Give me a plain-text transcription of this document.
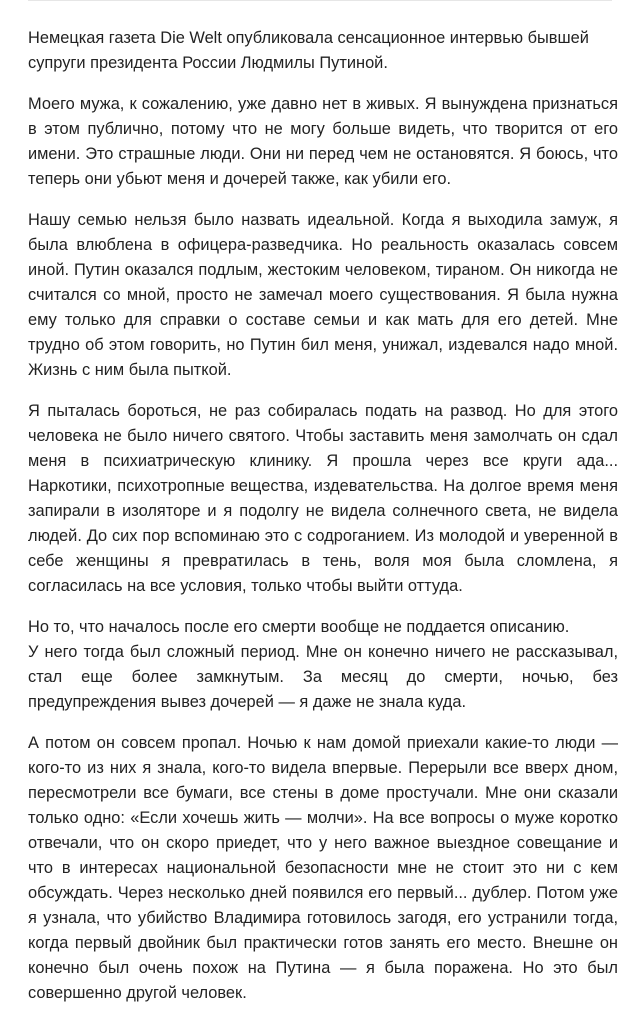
Немецкая газета Die Welt опубликовала сенсационное интервью бывшей супруги президента России Людмилы Путиной.

Моего мужа, к сожалению, уже давно нет в живых. Я вынуждена признаться в этом публично, потому что не могу больше видеть, что творится от его имени. Это страшные люди. Они ни перед чем не остановятся. Я боюсь, что теперь они убьют меня и дочерей также, как убили его.

Нашу семью нельзя было назвать идеальной. Когда я выходила замуж, я была влюблена в офицера-разведчика. Но реальность оказалась совсем иной. Путин оказался подлым, жестоким человеком, тираном. Он никогда не считался со мной, просто не замечал моего существования. Я была нужна ему только для справки о составе семьи и как мать для его детей. Мне трудно об этом говорить, но Путин бил меня, унижал, издевался надо мной. Жизнь с ним была пыткой.

Я пыталась бороться, не раз собиралась подать на развод. Но для этого человека не было ничего святого. Чтобы заставить меня замолчать он сдал меня в психиатрическую клинику. Я прошла через все круги ада... Наркотики, психотропные вещества, издевательства. На долгое время меня запирали в изоляторе и я подолгу не видела солнечного света, не видела людей. До сих пор вспоминаю это с содроганием. Из молодой и уверенной в себе женщины я превратилась в тень, воля моя была сломлена, я согласилась на все условия, только чтобы выйти оттуда.

Но то, что началось после его смерти вообще не поддается описанию.
У него тогда был сложный период. Мне он конечно ничего не рассказывал, стал еще более замкнутым. За месяц до смерти, ночью, без предупреждения вывез дочерей — я даже не знала куда.

А потом он совсем пропал. Ночью к нам домой приехали какие-то люди — кого-то из них я знала, кого-то видела впервые. Перерыли все вверх дном, пересмотрели все бумаги, все стены в доме простучали. Мне они сказали только одно: «Если хочешь жить — молчи». На все вопросы о муже коротко отвечали, что он скоро приедет, что у него важное выездное совещание и что в интересах национальной безопасности мне не стоит это ни с кем обсуждать. Через несколько дней появился его первый... дублер. Потом уже я узнала, что убийство Владимира готовилось загодя, его устранили тогда, когда первый двойник был практически готов занять его место. Внешне он конечно был очень похож на Путина — я была поражена. Но это был совершенно другой человек.
